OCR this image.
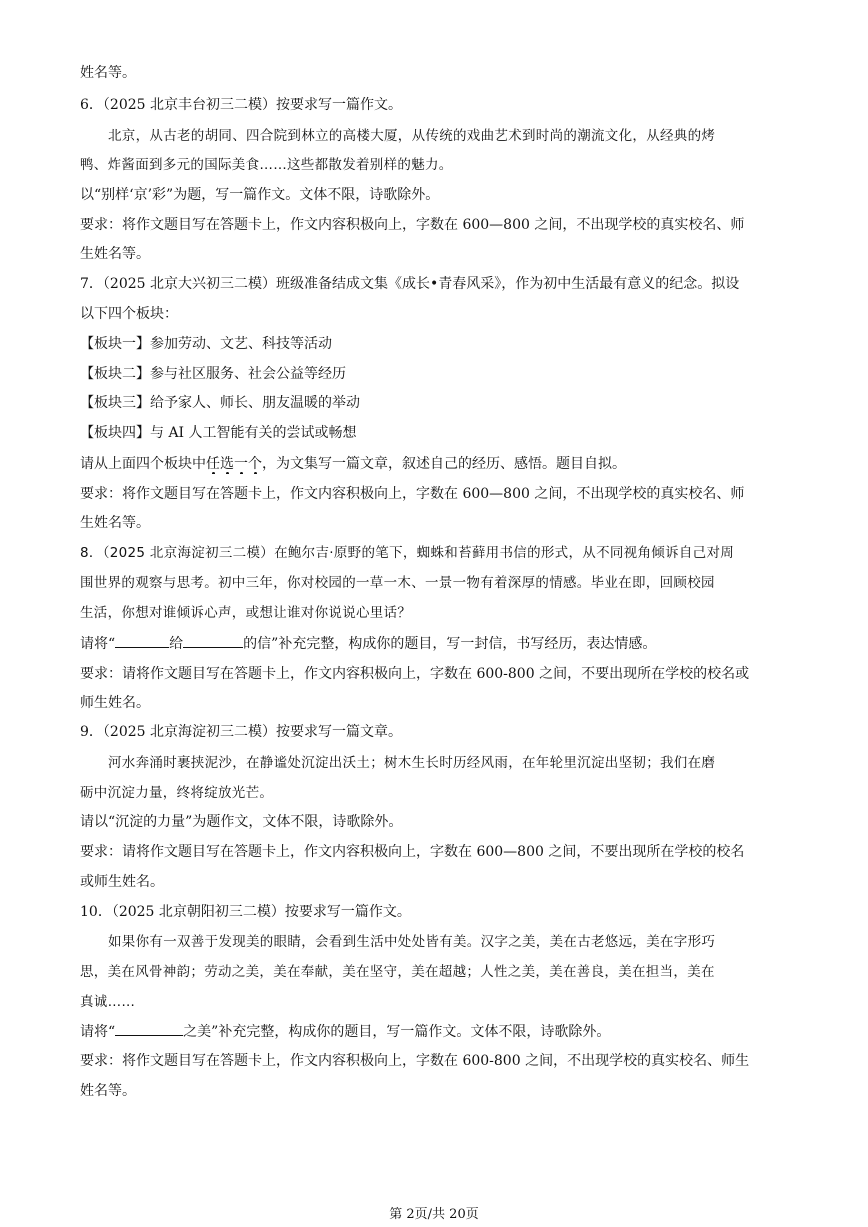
姓名等。
6．（2025 北京丰台初三二模）按要求写一篇作文。
北京，从古老的胡同、四合院到林立的高楼大厦，从传统的戏曲艺术到时尚的潮流文化，从经典的烤
鸭、炸酱面到多元的国际美食……这些都散发着别样的魅力。
以“别样‘京’彩”为题，写一篇作文。文体不限，诗歌除外。
要求：将作文题目写在答题卡上，作文内容积极向上，字数在 600—800 之间，不出现学校的真实校名、师
生姓名等。
7．（2025 北京大兴初三二模）班级准备结成文集《成长•青春风采》，作为初中生活最有意义的纪念。拟设
以下四个板块：
【板块一】参加劳动、文艺、科技等活动
【板块二】参与社区服务、社会公益等经历
【板块三】给予家人、师长、朋友温暖的举动
【板块四】与 AI 人工智能有关的尝试或畅想
请从上面四个板块中任选一个
，为文集写一篇文章，叙述自己的经历、感悟。题目自拟。
要求：将作文题目写在答题卡上，作文内容积极向上，字数在 600—800 之间，不出现学校的真实校名、师
生姓名等。
8．（2025 北京海淀初三二模）在鲍尔吉·原野的笔下，蜘蛛和苔藓用书信的形式，从不同视角倾诉自己对周
围世界的观察与思考。初中三年，你对校园的一草一木、一景一物有着深厚的情感。毕业在即，回顾校园
生活，你想对谁倾诉心声，或想让谁对你说说心里话？
请将“	给	的信”补充完整，构成你的题目，写一封信，书写经历，表达情感。
要求：请将作文题目写在答题卡上，作文内容积极向上，字数在 600-800 之间，不要出现所在学校的校名或
师生姓名。
9．（2025 北京海淀初三二模）按要求写一篇文章。
河水奔涌时裹挟泥沙，在静谧处沉淀出沃土；树木生长时历经风雨，在年轮里沉淀出坚韧；我们在磨
砺中沉淀力量，终将绽放光芒。
请以“沉淀的力量”为题作文，文体不限，诗歌除外。
要求：请将作文题目写在答题卡上，作文内容积极向上，字数在 600—800 之间，不要出现所在学校的校名
或师生姓名。
10．（2025 北京朝阳初三二模）按要求写一篇作文。
如果你有一双善于发现美的眼睛，会看到生活中处处皆有美。汉字之美，美在古老悠远，美在字形巧
思，美在风骨神韵；劳动之美，美在奉献，美在坚守，美在超越；人性之美，美在善良，美在担当，美在
真诚……
请将“	之美”补充完整，构成你的题目，写一篇作文。文体不限，诗歌除外。
要求：将作文题目写在答题卡上，作文内容积极向上，字数在 600-800 之间，不出现学校的真实校名、师生
姓名等。
第 2页/共 20页
